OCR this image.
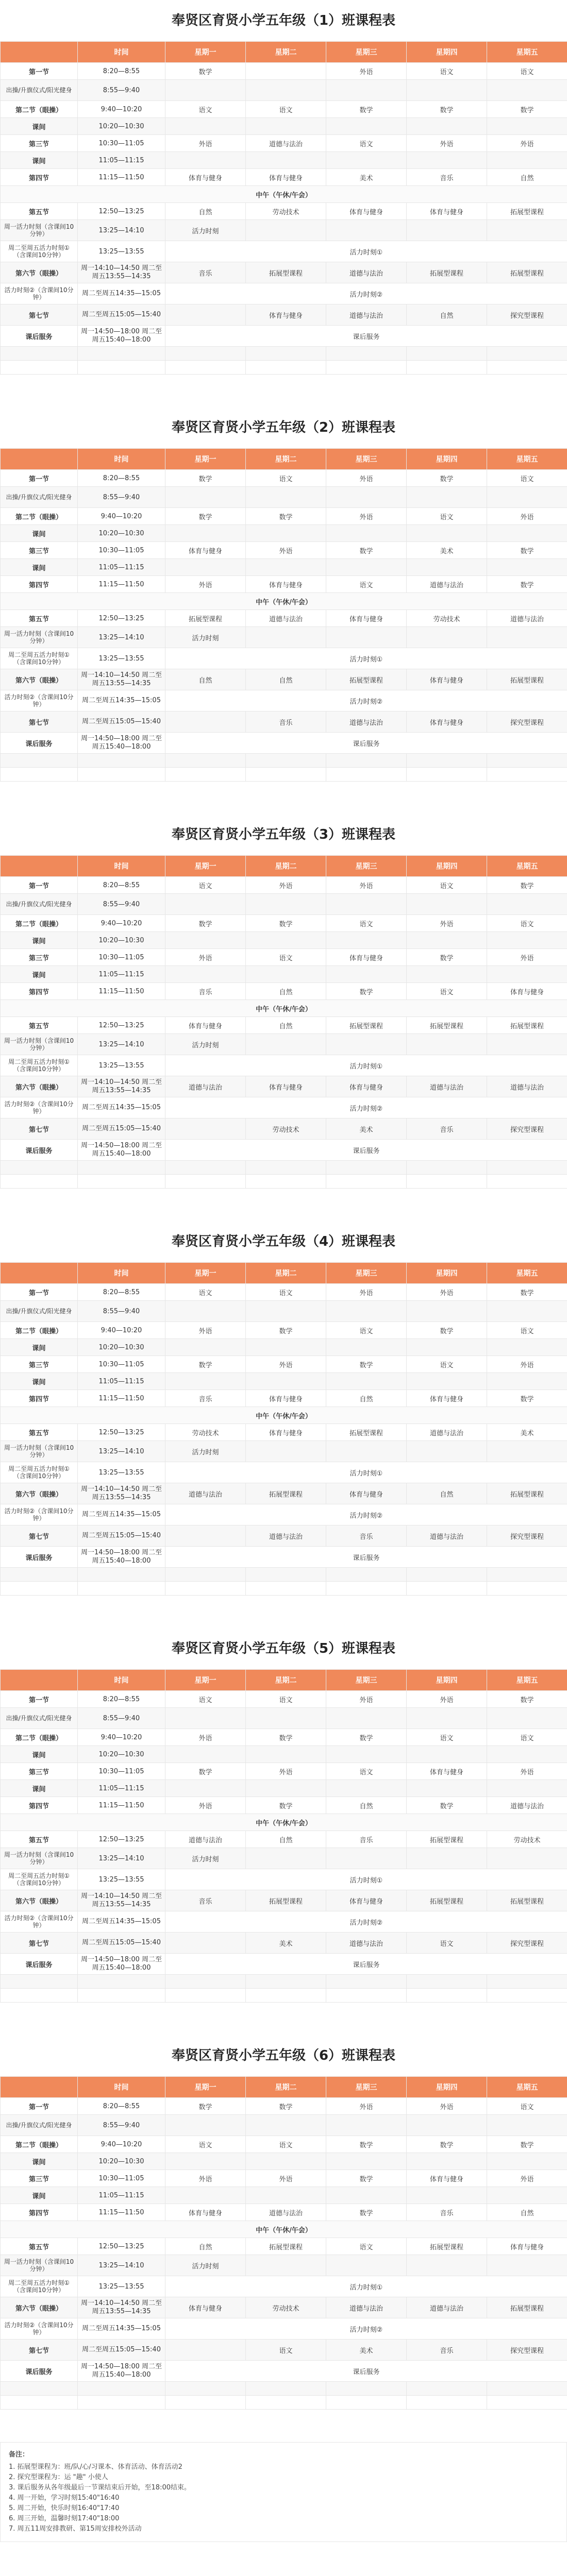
奉贤区育贤小学五年级（1）班课程表
	时间	星期一	星期二	星期三	星期四	星期五
第一节	8:20—8:55	数学		外语	语文	语文
出操/升旗仪式/阳光健身	8:55—9:40					
第二节（眼操）	9:40—10:20	语文	语文	数学	数学	数学
课间	10:20—10:30					
第三节	10:30—11:05	外语	道德与法治	语文	外语	外语
课间	11:05—11:15					
第四节	11:15—11:50	体育与健身	体育与健身	美术	音乐	自然
中午（午休/午会）						
第五节	12:50—13:25	自然	劳动技术	体育与健身	体育与健身	拓展型课程
周一活力时刻（含课间10分钟）	13:25—14:10	活力时刻				
周二至周五活力时刻①（含课间10分钟）	13:25—13:55	活力时刻①				
第六节（眼操）	周一14:10—14:50 周二至周五13:55—14:35	音乐	拓展型课程	道德与法治	拓展型课程	拓展型课程
活力时刻②（含课间10分钟）	周二至周五14:35—15:05	活力时刻②				
第七节	周二至周五15:05—15:40		体育与健身	道德与法治	自然	探究型课程
课后服务	周一14:50—18:00 周二至周五15:40—18:00	课后服务				

奉贤区育贤小学五年级（2）班课程表
	时间	星期一	星期二	星期三	星期四	星期五
第一节	8:20—8:55	数学	语文	外语	数学	语文
出操/升旗仪式/阳光健身	8:55—9:40					
第二节（眼操）	9:40—10:20	数学	数学	外语	语文	外语
课间	10:20—10:30					
第三节	10:30—11:05	体育与健身	外语	数学	美术	数学
课间	11:05—11:15					
第四节	11:15—11:50	外语	体育与健身	语文	道德与法治	数学
中午（午休/午会）						
第五节	12:50—13:25	拓展型课程	道德与法治	体育与健身	劳动技术	道德与法治
周一活力时刻（含课间10分钟）	13:25—14:10	活力时刻				
周二至周五活力时刻①（含课间10分钟）	13:25—13:55	活力时刻①				
第六节（眼操）	周一14:10—14:50 周二至周五13:55—14:35	自然	自然	拓展型课程	体育与健身	拓展型课程
活力时刻②（含课间10分钟）	周二至周五14:35—15:05	活力时刻②				
第七节	周二至周五15:05—15:40		音乐	道德与法治	体育与健身	探究型课程
课后服务	周一14:50—18:00 周二至周五15:40—18:00	课后服务				

奉贤区育贤小学五年级（3）班课程表
	时间	星期一	星期二	星期三	星期四	星期五
第一节	8:20—8:55	语文	外语	外语	语文	数学
出操/升旗仪式/阳光健身	8:55—9:40					
第二节（眼操）	9:40—10:20	数学	数学	语文	外语	语文
课间	10:20—10:30					
第三节	10:30—11:05	外语	语文	体育与健身	数学	外语
课间	11:05—11:15					
第四节	11:15—11:50	音乐	自然	数学	语文	体育与健身
中午（午休/午会）						
第五节	12:50—13:25	体育与健身	自然	拓展型课程	拓展型课程	拓展型课程
周一活力时刻（含课间10分钟）	13:25—14:10	活力时刻				
周二至周五活力时刻①（含课间10分钟）	13:25—13:55	活力时刻①				
第六节（眼操）	周一14:10—14:50 周二至周五13:55—14:35	道德与法治	体育与健身	体育与健身	道德与法治	道德与法治
活力时刻②（含课间10分钟）	周二至周五14:35—15:05	活力时刻②				
第七节	周二至周五15:05—15:40		劳动技术	美术	音乐	探究型课程
课后服务	周一14:50—18:00 周二至周五15:40—18:00	课后服务				

奉贤区育贤小学五年级（4）班课程表
	时间	星期一	星期二	星期三	星期四	星期五
第一节	8:20—8:55	语文	语文	外语	外语	数学
出操/升旗仪式/阳光健身	8:55—9:40					
第二节（眼操）	9:40—10:20	外语	数学	语文	数学	语文
课间	10:20—10:30					
第三节	10:30—11:05	数学	外语	数学	语文	外语
课间	11:05—11:15					
第四节	11:15—11:50	音乐	体育与健身	自然	体育与健身	数学
中午（午休/午会）						
第五节	12:50—13:25	劳动技术	体育与健身	拓展型课程	道德与法治	美术
周一活力时刻（含课间10分钟）	13:25—14:10	活力时刻				
周二至周五活力时刻①（含课间10分钟）	13:25—13:55	活力时刻①				
第六节（眼操）	周一14:10—14:50 周二至周五13:55—14:35	道德与法治	拓展型课程	体育与健身	自然	拓展型课程
活力时刻②（含课间10分钟）	周二至周五14:35—15:05	活力时刻②				
第七节	周二至周五15:05—15:40		道德与法治	音乐	道德与法治	探究型课程
课后服务	周一14:50—18:00 周二至周五15:40—18:00	课后服务				

奉贤区育贤小学五年级（5）班课程表
	时间	星期一	星期二	星期三	星期四	星期五
第一节	8:20—8:55	语文	语文	外语	外语	数学
出操/升旗仪式/阳光健身	8:55—9:40					
第二节（眼操）	9:40—10:20	外语	数学	数学	语文	语文
课间	10:20—10:30					
第三节	10:30—11:05	数学	外语	语文	体育与健身	外语
课间	11:05—11:15					
第四节	11:15—11:50	外语	数学	自然	数学	道德与法治
中午（午休/午会）						
第五节	12:50—13:25	道德与法治	自然	音乐	拓展型课程	劳动技术
周一活力时刻（含课间10分钟）	13:25—14:10	活力时刻				
周二至周五活力时刻①（含课间10分钟）	13:25—13:55	活力时刻①				
第六节（眼操）	周一14:10—14:50 周二至周五13:55—14:35	音乐	拓展型课程	体育与健身	拓展型课程	拓展型课程
活力时刻②（含课间10分钟）	周二至周五14:35—15:05	活力时刻②				
第七节	周二至周五15:05—15:40		美术	道德与法治	语文	探究型课程
课后服务	周一14:50—18:00 周二至周五15:40—18:00	课后服务				

奉贤区育贤小学五年级（6）班课程表
	时间	星期一	星期二	星期三	星期四	星期五
第一节	8:20—8:55	数学	数学	外语	外语	语文
出操/升旗仪式/阳光健身	8:55—9:40					
第二节（眼操）	9:40—10:20	语文	语文	数学	数学	数学
课间	10:20—10:30					
第三节	10:30—11:05	外语	外语	数学	体育与健身	外语
课间	11:05—11:15					
第四节	11:15—11:50	体育与健身	道德与法治	数学	音乐	自然
中午（午休/午会）						
第五节	12:50—13:25	自然	拓展型课程	语文	拓展型课程	体育与健身
周一活力时刻（含课间10分钟）	13:25—14:10	活力时刻				
周二至周五活力时刻①（含课间10分钟）	13:25—13:55	活力时刻①				
第六节（眼操）	周一14:10—14:50 周二至周五13:55—14:35	体育与健身	劳动技术	道德与法治	道德与法治	拓展型课程
活力时刻②（含课间10分钟）	周二至周五14:35—15:05	活力时刻②				
第七节	周二至周五15:05—15:40		语文	美术	音乐	探究型课程
课后服务	周一14:50—18:00 周二至周五15:40—18:00	课后服务				

备注：
1. 拓展型课程为：班/队/心/习课本、体育活动、体育活动2
2. 探究型课程为：运 "趣" 小使人
3. 课后服务从各年级最后一节课结束后开始，至18:00结束。
4. 周一开始，学习时刻15:40"16:40
5. 周二开始，快乐时刻16:40"17:40
6. 周三开始，温馨时刻17:40"18:00
7. 周五11周安排教研、第15周安排校外活动
